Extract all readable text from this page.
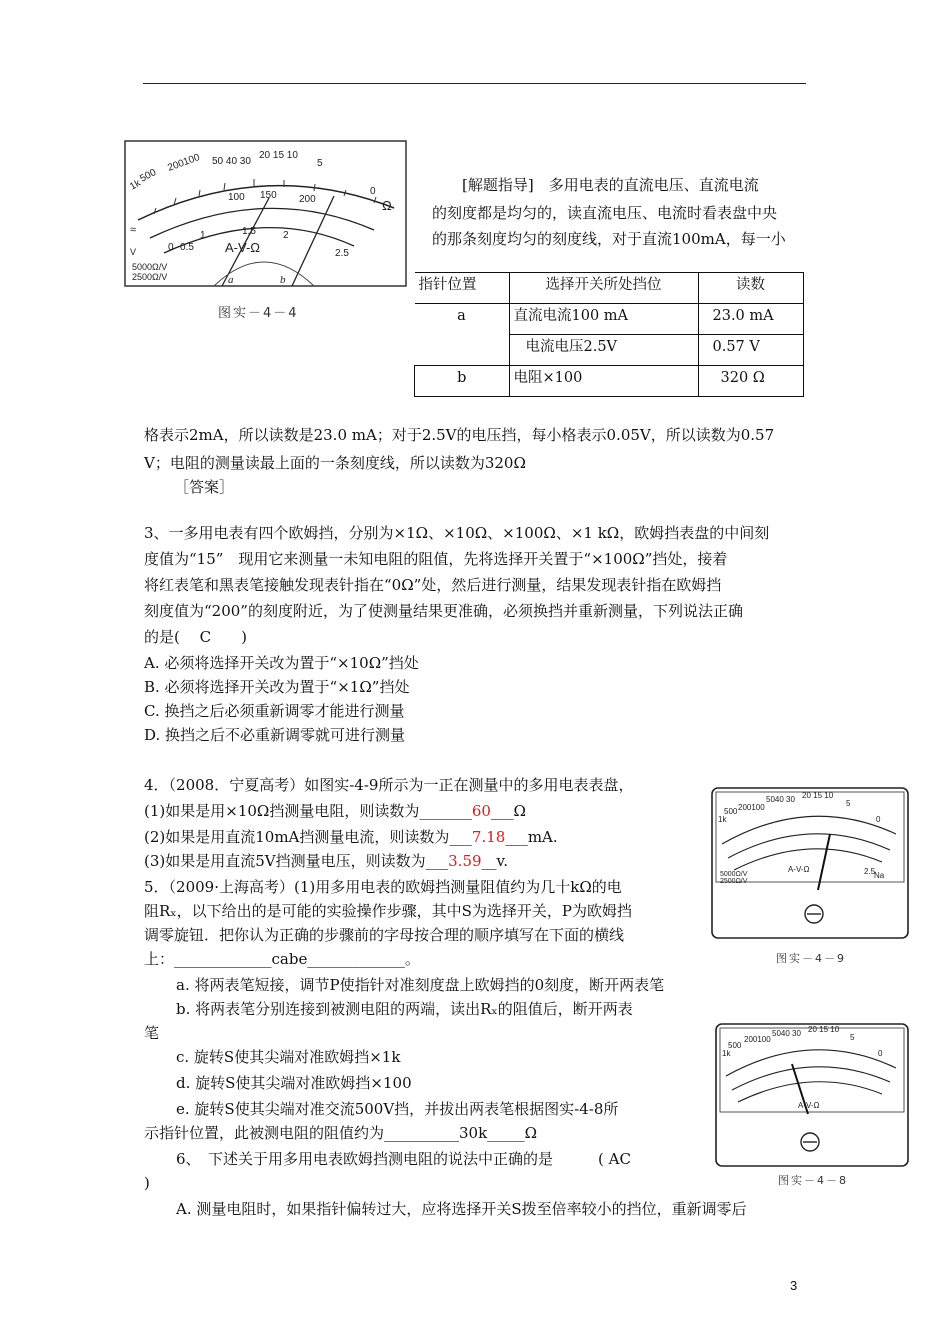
1k
500
200100 50 40 30
20 15 10
5
0
100 150 200
1	1.5	2
2.5
0.5
0	A-V-Ω
Ω
V
5000Ω/V
2500Ω/V	a	b
≈
图实－4－4
[解题指导]　多用电表的直流电压、直流电流
的刻度都是均匀的，读直流电压、电流时看表盘中央
的那条刻度均匀的刻度线，对于直流100mA，每一小
指针位置	选择开关所处挡位	读数
a	直流电流100 mA	23.0 mA
	电流电压2.5V	0.57 V
b	电阻×100	320 Ω
格表示2mA，所以读数是23.0 mA；对于2.5V的电压挡，每小格表示0.05V，所以读数为0.57
V；电阻的测量读最上面的一条刻度线，所以读数为320Ω
［答案］
3、一多用电表有四个欧姆挡，分别为×1Ω、×10Ω、×100Ω、×1 kΩ，欧姆挡表盘的中间刻
度值为“15”　现用它来测量一未知电阻的阻值，先将选择开关置于“×100Ω”挡处，接着
将红表笔和黑表笔接触发现表针指在“0Ω”处，然后进行测量，结果发现表针指在欧姆挡
刻度值为“200”的刻度附近，为了使测量结果更准确，必须换挡并重新测量，下列说法正确
的是(　 C　　)
A. 必须将选择开关改为置于“×10Ω”挡处
B. 必须将选择开关改为置于“×1Ω”挡处
C. 换挡之后必须重新调零才能进行测量
D. 换挡之后不必重新调零就可进行测量
4．（2008．宁夏高考）如图实-4-9所示为一正在测量中的多用电表表盘，
(1)如果是用×10Ω挡测量电阻，则读数为_______60___Ω
(2)如果是用直流10mA挡测量电流，则读数为___7.18___mA.
(3)如果是用直流5V挡测量电压，则读数为___3.59__v.
5．（2009·上海高考）(1)用多用电表的欧姆挡测量阻值约为几十kΩ的电
阻Rₓ，以下给出的是可能的实验操作步骤，其中S为选择开关，P为欧姆挡
调零旋钮．把你认为正确的步骤前的字母按合理的顺序填写在下面的横线
上：_____________cabe_____________。
a. 将两表笔短接，调节P使指针对准刻度盘上欧姆挡的0刻度，断开两表笔
b. 将两表笔分别连接到被测电阻的两端，读出Rₓ的阻值后，断开两表
笔
c. 旋转S使其尖端对准欧姆挡×1k
d. 旋转S使其尖端对准欧姆挡×100
e. 旋转S使其尖端对准交流500V挡，并拔出两表笔根据图实-4-8所
示指针位置，此被测电阻的阻值约为__________30k_____Ω
6、　下述关于用多用电表欧姆挡测电阻的说法中正确的是　　　( AC
)
A. 测量电阻时，如果指针偏转过大，应将选择开关S拨至倍率较小的挡位，重新调零后
1k
500 200100
5040 30 20 15 10
5
0
2.5
A-V-Ω
Na
5000Ω/V
2500Ω/V
图实－4－9
1k
500
200100
5040 30 20 15 10
5
0
A-V-Ω
图实－4－8
3
